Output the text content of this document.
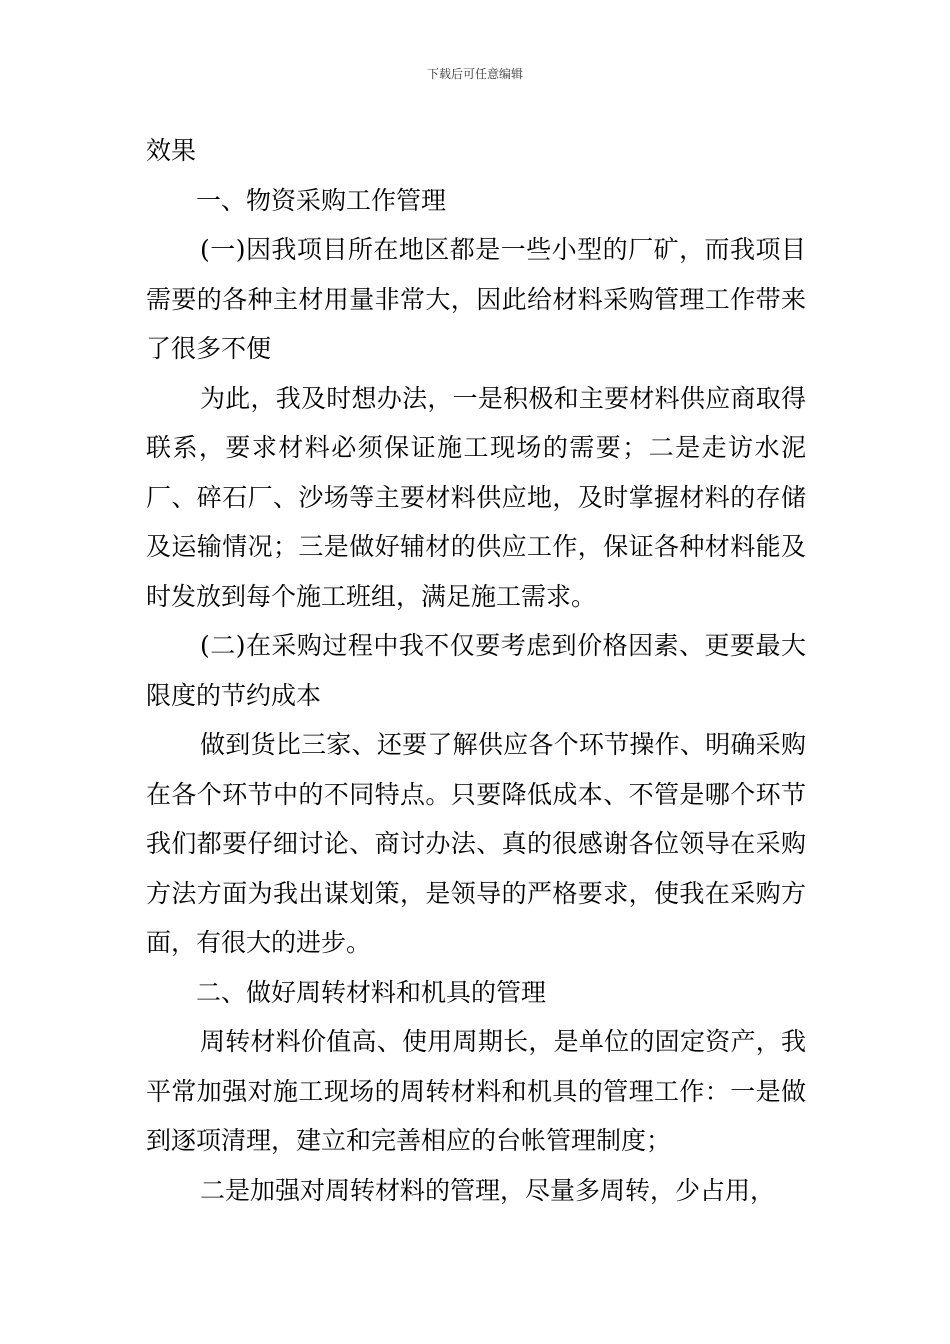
下载后可任意编辑

效果

一、物资采购工作管理

(一)因我项目所在地区都是一些小型的厂矿，而我项目需要的各种主材用量非常大，因此给材料采购管理工作带来了很多不便

为此，我及时想办法，一是积极和主要材料供应商取得联系，要求材料必须保证施工现场的需要；二是走访水泥厂、碎石厂、沙场等主要材料供应地，及时掌握材料的存储及运输情况；三是做好辅材的供应工作，保证各种材料能及时发放到每个施工班组，满足施工需求。

(二)在采购过程中我不仅要考虑到价格因素、更要最大限度的节约成本

做到货比三家、还要了解供应各个环节操作、明确采购在各个环节中的不同特点。只要降低成本、不管是哪个环节我们都要仔细讨论、商讨办法、真的很感谢各位领导在采购方法方面为我出谋划策，是领导的严格要求，使我在采购方面，有很大的进步。

二、做好周转材料和机具的管理

周转材料价值高、使用周期长，是单位的固定资产，我平常加强对施工现场的周转材料和机具的管理工作：一是做到逐项清理，建立和完善相应的台帐管理制度；

二是加强对周转材料的管理，尽量多周转，少占用，
